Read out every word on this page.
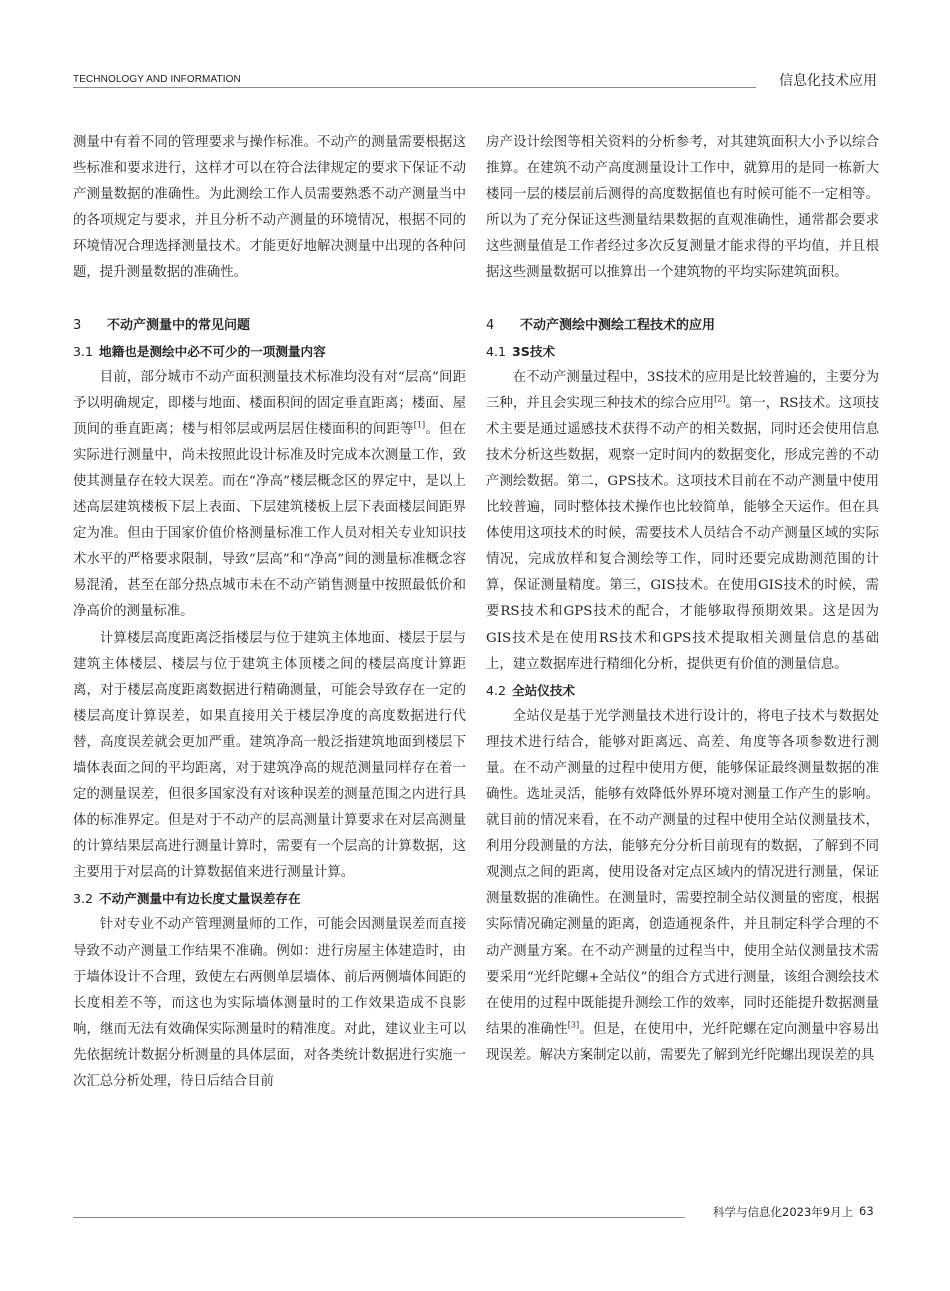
TECHNOLOGY AND INFORMATION	信息化技术应用

测量中有着不同的管理要求与操作标准。不动产的测量需要根据这些标准和要求进行，这样才可以在符合法律规定的要求下保证不动产测量数据的准确性。为此测绘工作人员需要熟悉不动产测量当中的各项规定与要求，并且分析不动产测量的环境情况，根据不同的环境情况合理选择测量技术。才能更好地解决测量中出现的各种问题，提升测量数据的准确性。

3 不动产测量中的常见问题
3.1 地籍也是测绘中必不可少的一项测量内容

目前，部分城市不动产面积测量技术标准均没有对“层高”间距予以明确规定，即楼与地面、楼面积间的固定垂直距离；楼面、屋顶间的垂直距离；楼与相邻层或两层居住楼面积的间距等[1]。但在实际进行测量中，尚未按照此设计标准及时完成本次测量工作，致使其测量存在较大误差。而在“净高”楼层概念区的界定中，是以上述高层建筑楼板下层上表面、下层建筑楼板上层下表面楼层间距界定为准。但由于国家价值价格测量标准工作人员对相关专业知识技术水平的严格要求限制，导致“层高”和“净高”间的测量标准概念容易混淆，甚至在部分热点城市未在不动产销售测量中按照最低价和净高价的测量标准。

计算楼层高度距离泛指楼层与位于建筑主体地面、楼层于层与建筑主体楼层、楼层与位于建筑主体顶楼之间的楼层高度计算距离，对于楼层高度距离数据进行精确测量，可能会导致存在一定的楼层高度计算误差，如果直接用关于楼层净度的高度数据进行代替，高度误差就会更加严重。建筑净高一般泛指建筑地面到楼层下墙体表面之间的平均距离，对于建筑净高的规范测量同样存在着一定的测量误差，但很多国家没有对该种误差的测量范围之内进行具体的标准界定。但是对于不动产的层高测量计算要求在对层高测量的计算结果层高进行测量计算时，需要有一个层高的计算数据，这主要用于对层高的计算数据值来进行测量计算。

3.2 不动产测量中有边长度丈量误差存在

针对专业不动产管理测量师的工作，可能会因测量误差而直接导致不动产测量工作结果不准确。例如：进行房屋主体建造时，由于墙体设计不合理，致使左右两侧单层墙体、前后两侧墙体间距的长度相差不等，而这也为实际墙体测量时的工作效果造成不良影响，继而无法有效确保实际测量时的精准度。对此，建议业主可以先依据统计数据分析测量的具体层面，对各类统计数据进行实施一次汇总分析处理，待日后结合目前

房产设计绘图等相关资料的分析参考，对其建筑面积大小予以综合推算。在建筑不动产高度测量设计工作中，就算用的是同一栋新大楼同一层的楼层前后测得的高度数据值也有时候可能不一定相等。所以为了充分保证这些测量结果数据的直观准确性，通常都会要求这些测量值是工作者经过多次反复测量才能求得的平均值，并且根据这些测量数据可以推算出一个建筑物的平均实际建筑面积。

4 不动产测绘中测绘工程技术的应用
4.1 3S技术

在不动产测量过程中，3S技术的应用是比较普遍的，主要分为三种，并且会实现三种技术的综合应用[2]。第一，RS技术。这项技术主要是通过遥感技术获得不动产的相关数据，同时还会使用信息技术分析这些数据，观察一定时间内的数据变化，形成完善的不动产测绘数据。第二，GPS技术。这项技术目前在不动产测量中使用比较普遍，同时整体技术操作也比较简单，能够全天运作。但在具体使用这项技术的时候，需要技术人员结合不动产测量区域的实际情况，完成放样和复合测绘等工作，同时还要完成勘测范围的计算，保证测量精度。第三，GIS技术。在使用GIS技术的时候，需要RS技术和GPS技术的配合，才能够取得预期效果。这是因为GIS技术是在使用RS技术和GPS技术提取相关测量信息的基础上，建立数据库进行精细化分析，提供更有价值的测量信息。

4.2 全站仪技术

全站仪是基于光学测量技术进行设计的，将电子技术与数据处理技术进行结合，能够对距离远、高差、角度等各项参数进行测量。在不动产测量的过程中使用方便，能够保证最终测量数据的准确性。选址灵活，能够有效降低外界环境对测量工作产生的影响。就目前的情况来看，在不动产测量的过程中使用全站仪测量技术，利用分段测量的方法，能够充分分析目前现有的数据，了解到不同观测点之间的距离，使用设备对定点区域内的情况进行测量，保证测量数据的准确性。在测量时，需要控制全站仪测量的密度，根据实际情况确定测量的距离，创造通视条件，并且制定科学合理的不动产测量方案。在不动产测量的过程当中，使用全站仪测量技术需要采用“光纤陀螺+全站仪”的组合方式进行测量，该组合测绘技术在使用的过程中既能提升测绘工作的效率，同时还能提升数据测量结果的准确性[3]。但是，在使用中，光纤陀螺在定向测量中容易出现误差。解决方案制定以前，需要先了解到光纤陀螺出现误差的具

科学与信息化2023年9月上 63
